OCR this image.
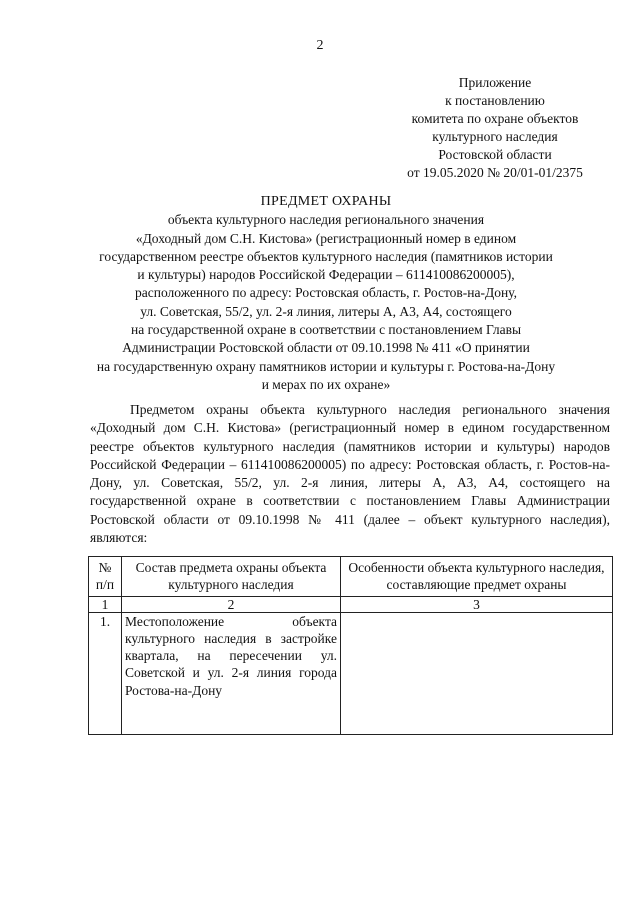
2
Приложение
к постановлению
комитета по охране объектов
культурного наследия
Ростовской области
от 19.05.2020 № 20/01-01/2375
ПРЕДМЕТ ОХРАНЫ
объекта культурного наследия регионального значения
«Доходный дом С.Н. Кистова» (регистрационный номер в едином
государственном реестре объектов культурного наследия (памятников истории
и культуры) народов Российской Федерации – 611410086200005),
расположенного по адресу: Ростовская область, г. Ростов-на-Дону,
ул. Советская, 55/2, ул. 2-я линия, литеры А, А3, А4, состоящего
на государственной охране в соответствии с постановлением Главы
Администрации Ростовской области от 09.10.1998 № 411 «О принятии
на государственную охрану памятников истории и культуры г. Ростова-на-Дону
и мерах по их охране»

Предметом охраны объекта культурного наследия регионального значения «Доходный дом С.Н. Кистова» (регистрационный номер в едином государственном реестре объектов культурного наследия (памятников истории и культуры) народов Российской Федерации – 611410086200005) по адресу: Ростовская область, г. Ростов-на-Дону, ул. Советская, 55/2, ул. 2-я линия, литеры А, А3, А4, состоящего на государственной охране в соответствии с постановлением Главы Администрации Ростовской области от 09.10.1998 № 411 (далее – объект культурного наследия), являются:

№ п/п	Состав предмета охраны объекта культурного наследия	Особенности объекта культурного наследия, составляющие предмет охраны
1	2	3
1.	Местоположение объекта культурного наследия в застройке квартала, на пересечении ул. Советской и ул. 2-я линия города Ростова-на-Дону	
